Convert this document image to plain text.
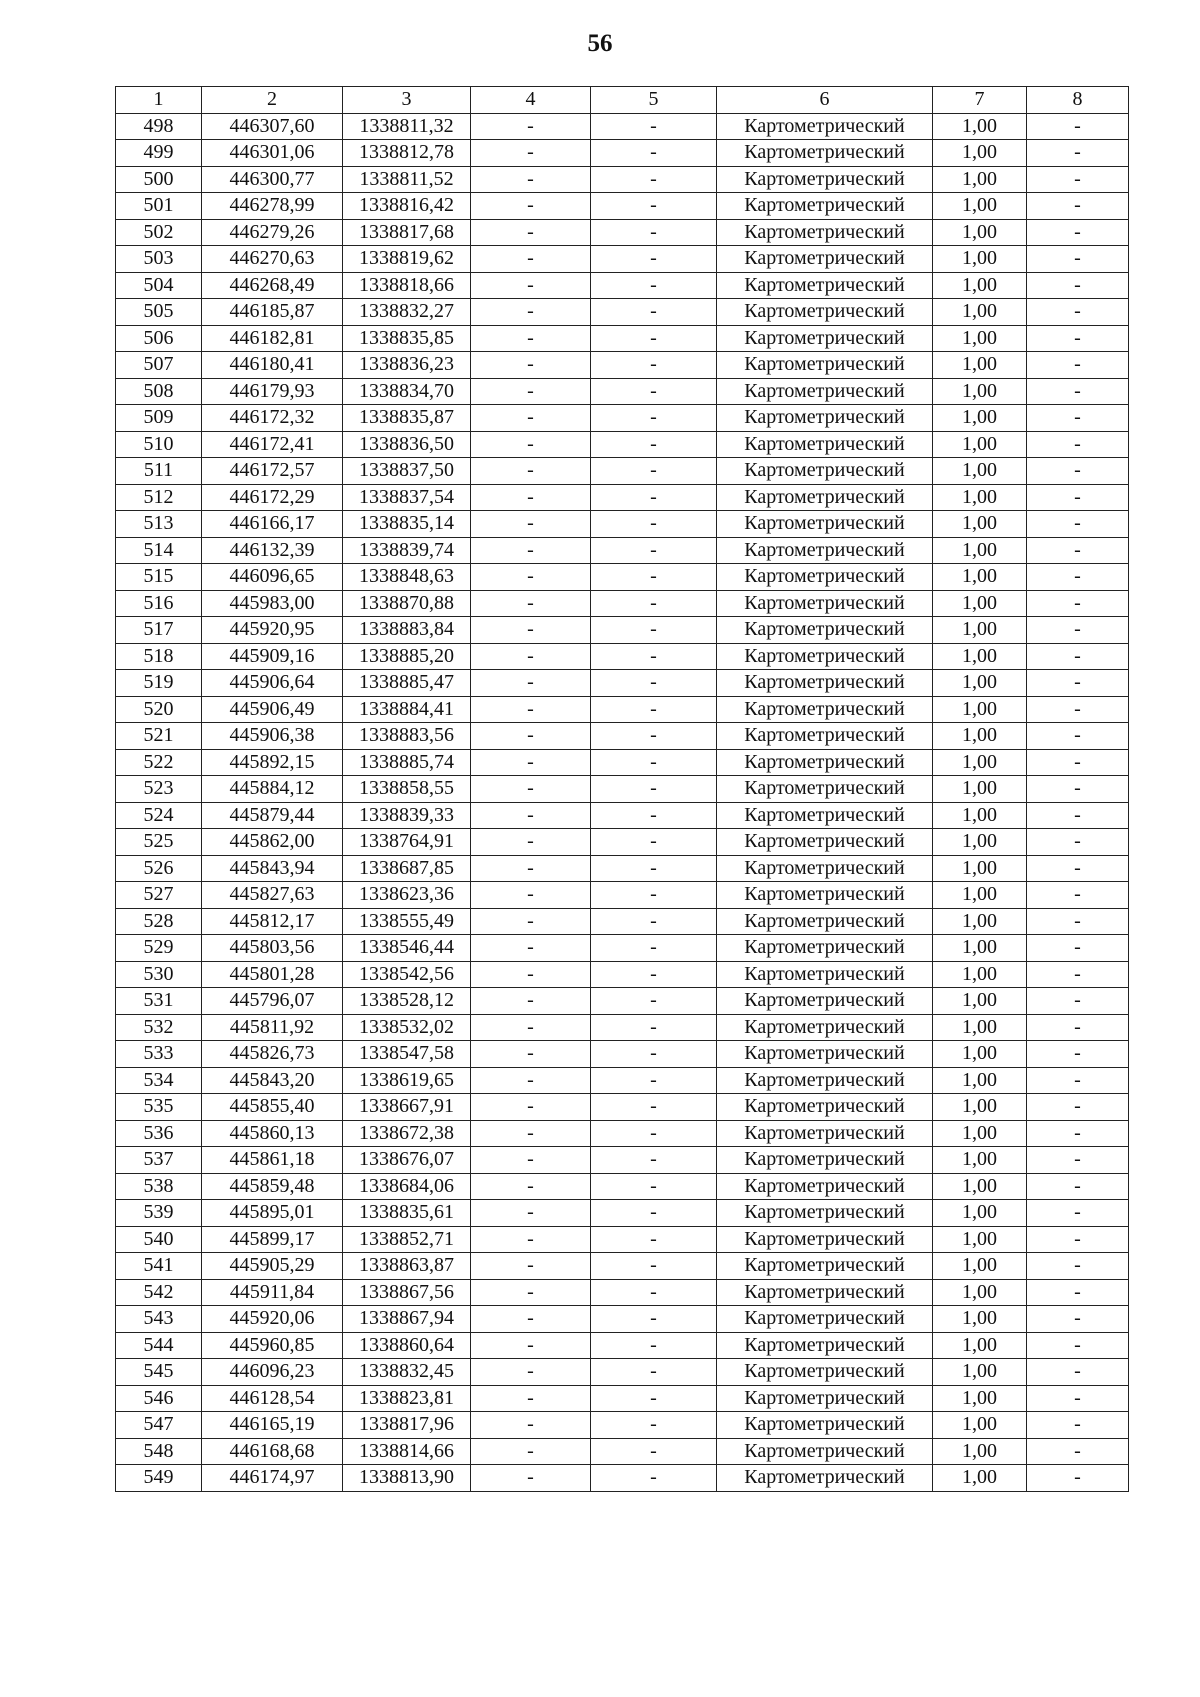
56
1	2	3	4	5	6	7	8
498	446307,60	1338811,32	-	-	Картометрический	1,00	-
499	446301,06	1338812,78	-	-	Картометрический	1,00	-
500	446300,77	1338811,52	-	-	Картометрический	1,00	-
501	446278,99	1338816,42	-	-	Картометрический	1,00	-
502	446279,26	1338817,68	-	-	Картометрический	1,00	-
503	446270,63	1338819,62	-	-	Картометрический	1,00	-
504	446268,49	1338818,66	-	-	Картометрический	1,00	-
505	446185,87	1338832,27	-	-	Картометрический	1,00	-
506	446182,81	1338835,85	-	-	Картометрический	1,00	-
507	446180,41	1338836,23	-	-	Картометрический	1,00	-
508	446179,93	1338834,70	-	-	Картометрический	1,00	-
509	446172,32	1338835,87	-	-	Картометрический	1,00	-
510	446172,41	1338836,50	-	-	Картометрический	1,00	-
511	446172,57	1338837,50	-	-	Картометрический	1,00	-
512	446172,29	1338837,54	-	-	Картометрический	1,00	-
513	446166,17	1338835,14	-	-	Картометрический	1,00	-
514	446132,39	1338839,74	-	-	Картометрический	1,00	-
515	446096,65	1338848,63	-	-	Картометрический	1,00	-
516	445983,00	1338870,88	-	-	Картометрический	1,00	-
517	445920,95	1338883,84	-	-	Картометрический	1,00	-
518	445909,16	1338885,20	-	-	Картометрический	1,00	-
519	445906,64	1338885,47	-	-	Картометрический	1,00	-
520	445906,49	1338884,41	-	-	Картометрический	1,00	-
521	445906,38	1338883,56	-	-	Картометрический	1,00	-
522	445892,15	1338885,74	-	-	Картометрический	1,00	-
523	445884,12	1338858,55	-	-	Картометрический	1,00	-
524	445879,44	1338839,33	-	-	Картометрический	1,00	-
525	445862,00	1338764,91	-	-	Картометрический	1,00	-
526	445843,94	1338687,85	-	-	Картометрический	1,00	-
527	445827,63	1338623,36	-	-	Картометрический	1,00	-
528	445812,17	1338555,49	-	-	Картометрический	1,00	-
529	445803,56	1338546,44	-	-	Картометрический	1,00	-
530	445801,28	1338542,56	-	-	Картометрический	1,00	-
531	445796,07	1338528,12	-	-	Картометрический	1,00	-
532	445811,92	1338532,02	-	-	Картометрический	1,00	-
533	445826,73	1338547,58	-	-	Картометрический	1,00	-
534	445843,20	1338619,65	-	-	Картометрический	1,00	-
535	445855,40	1338667,91	-	-	Картометрический	1,00	-
536	445860,13	1338672,38	-	-	Картометрический	1,00	-
537	445861,18	1338676,07	-	-	Картометрический	1,00	-
538	445859,48	1338684,06	-	-	Картометрический	1,00	-
539	445895,01	1338835,61	-	-	Картометрический	1,00	-
540	445899,17	1338852,71	-	-	Картометрический	1,00	-
541	445905,29	1338863,87	-	-	Картометрический	1,00	-
542	445911,84	1338867,56	-	-	Картометрический	1,00	-
543	445920,06	1338867,94	-	-	Картометрический	1,00	-
544	445960,85	1338860,64	-	-	Картометрический	1,00	-
545	446096,23	1338832,45	-	-	Картометрический	1,00	-
546	446128,54	1338823,81	-	-	Картометрический	1,00	-
547	446165,19	1338817,96	-	-	Картометрический	1,00	-
548	446168,68	1338814,66	-	-	Картометрический	1,00	-
549	446174,97	1338813,90	-	-	Картометрический	1,00	-
